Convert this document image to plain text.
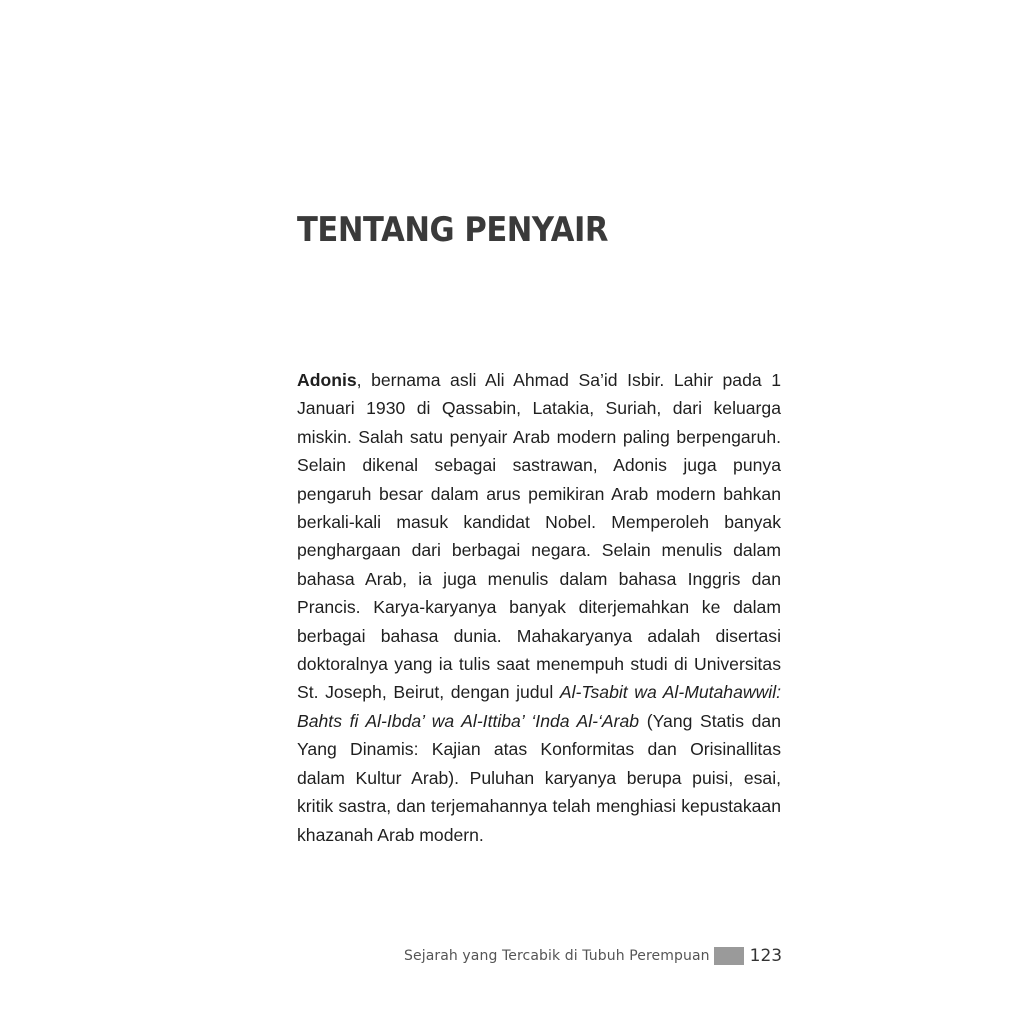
TENTANG PENYAIR

Adonis, bernama asli Ali Ahmad Sa’id Isbir. Lahir pada 1 Januari 1930 di Qassabin, Latakia, Suriah, dari keluarga miskin. Salah satu penyair Arab modern paling berpengaruh. Selain dikenal sebagai sastrawan, Adonis juga punya pengaruh besar dalam arus pemikiran Arab modern bahkan berkali-kali masuk kandidat Nobel. Memperoleh banyak penghargaan dari berbagai negara. Selain menulis dalam bahasa Arab, ia juga menulis dalam bahasa Inggris dan Prancis. Karya-karyanya banyak diterjemahkan ke dalam berbagai bahasa dunia. Mahakaryanya adalah disertasi doktoralnya yang ia tulis saat menempuh studi di Universitas St. Joseph, Beirut, dengan judul Al-Tsabit wa Al-Mutahawwil: Bahts fi Al-Ibda’ wa Al-Ittiba’ ‘Inda Al-‘Arab (Yang Statis dan Yang Dinamis: Kajian atas Konformitas dan Orisinallitas dalam Kultur Arab). Puluhan karyanya berupa puisi, esai, kritik sastra, dan terjemahannya telah menghiasi kepustakaan khazanah Arab modern.

Sejarah yang Tercabik di Tubuh Perempuan 123
